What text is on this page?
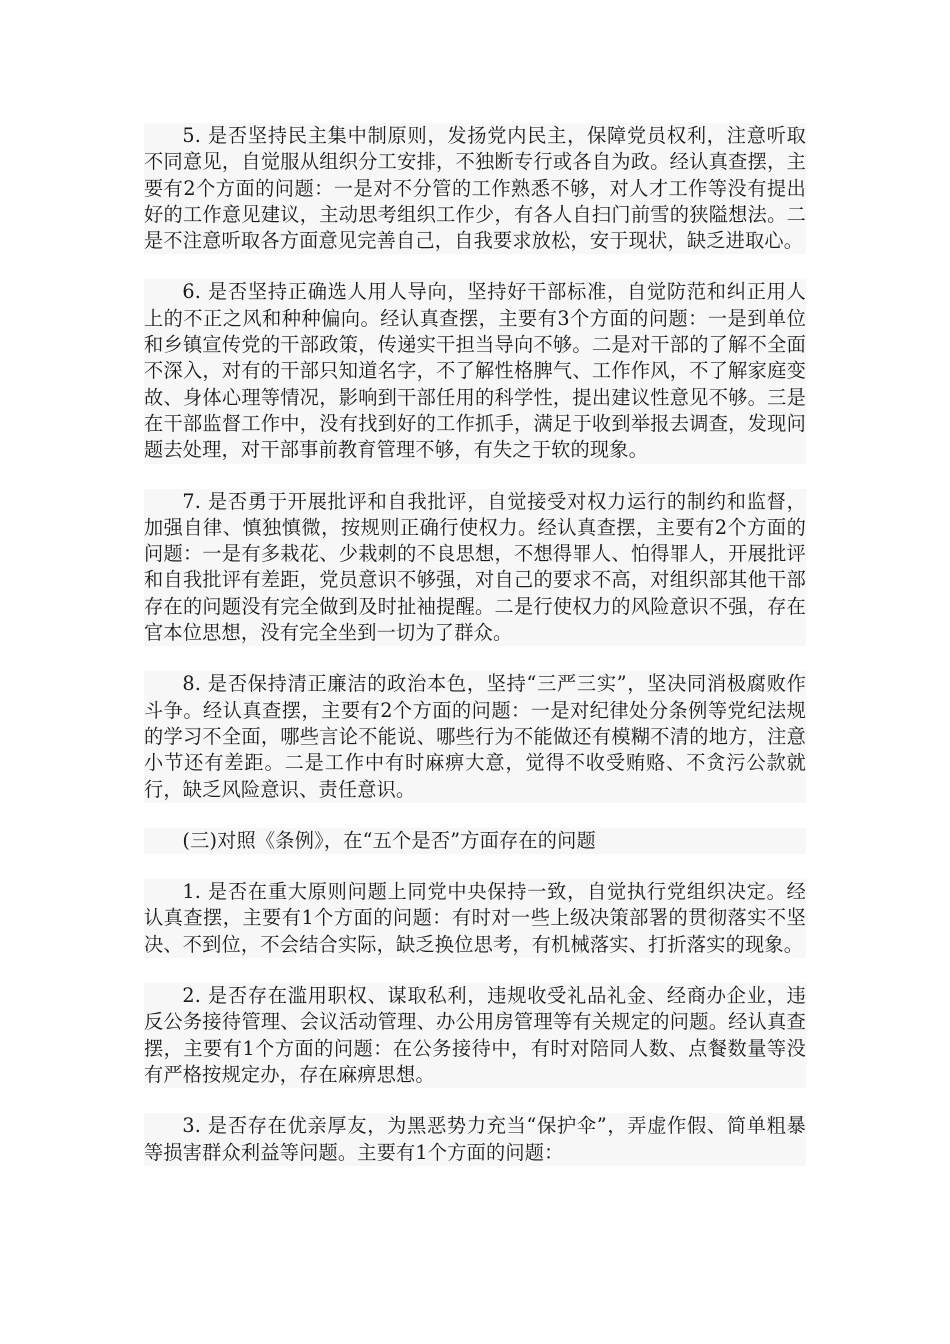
5. 是否坚持民主集中制原则，发扬党内民主，保障党员权利，注意听取不同意见，自觉服从组织分工安排，不独断专行或各自为政。经认真查摆，主要有2个方面的问题：一是对不分管的工作熟悉不够，对人才工作等没有提出好的工作意见建议，主动思考组织工作少，有各人自扫门前雪的狭隘想法。二是不注意听取各方面意见完善自己，自我要求放松，安于现状，缺乏进取心。

6. 是否坚持正确选人用人导向，坚持好干部标准，自觉防范和纠正用人上的不正之风和种种偏向。经认真查摆，主要有3个方面的问题：一是到单位和乡镇宣传党的干部政策，传递实干担当导向不够。二是对干部的了解不全面不深入，对有的干部只知道名字，不了解性格脾气、工作作风，不了解家庭变故、身体心理等情况，影响到干部任用的科学性，提出建议性意见不够。三是在干部监督工作中，没有找到好的工作抓手，满足于收到举报去调查，发现问题去处理，对干部事前教育管理不够，有失之于软的现象。

7. 是否勇于开展批评和自我批评，自觉接受对权力运行的制约和监督，加强自律、慎独慎微，按规则正确行使权力。经认真查摆，主要有2个方面的问题：一是有多栽花、少栽刺的不良思想，不想得罪人、怕得罪人，开展批评和自我批评有差距，党员意识不够强，对自己的要求不高，对组织部其他干部存在的问题没有完全做到及时扯袖提醒。二是行使权力的风险意识不强，存在官本位思想，没有完全坐到一切为了群众。

8. 是否保持清正廉洁的政治本色，坚持“三严三实”，坚决同消极腐败作斗争。经认真查摆，主要有2个方面的问题：一是对纪律处分条例等党纪法规的学习不全面，哪些言论不能说、哪些行为不能做还有模糊不清的地方，注意小节还有差距。二是工作中有时麻痹大意，觉得不收受贿赂、不贪污公款就行，缺乏风险意识、责任意识。

(三)对照《条例》，在“五个是否”方面存在的问题

1. 是否在重大原则问题上同党中央保持一致，自觉执行党组织决定。经认真查摆，主要有1个方面的问题：有时对一些上级决策部署的贯彻落实不坚决、不到位，不会结合实际，缺乏换位思考，有机械落实、打折落实的现象。

2. 是否存在滥用职权、谋取私利，违规收受礼品礼金、经商办企业，违反公务接待管理、会议活动管理、办公用房管理等有关规定的问题。经认真查摆，主要有1个方面的问题：在公务接待中，有时对陪同人数、点餐数量等没有严格按规定办，存在麻痹思想。

3. 是否存在优亲厚友，为黑恶势力充当“保护伞”，弄虚作假、简单粗暴等损害群众利益等问题。主要有1个方面的问题：
